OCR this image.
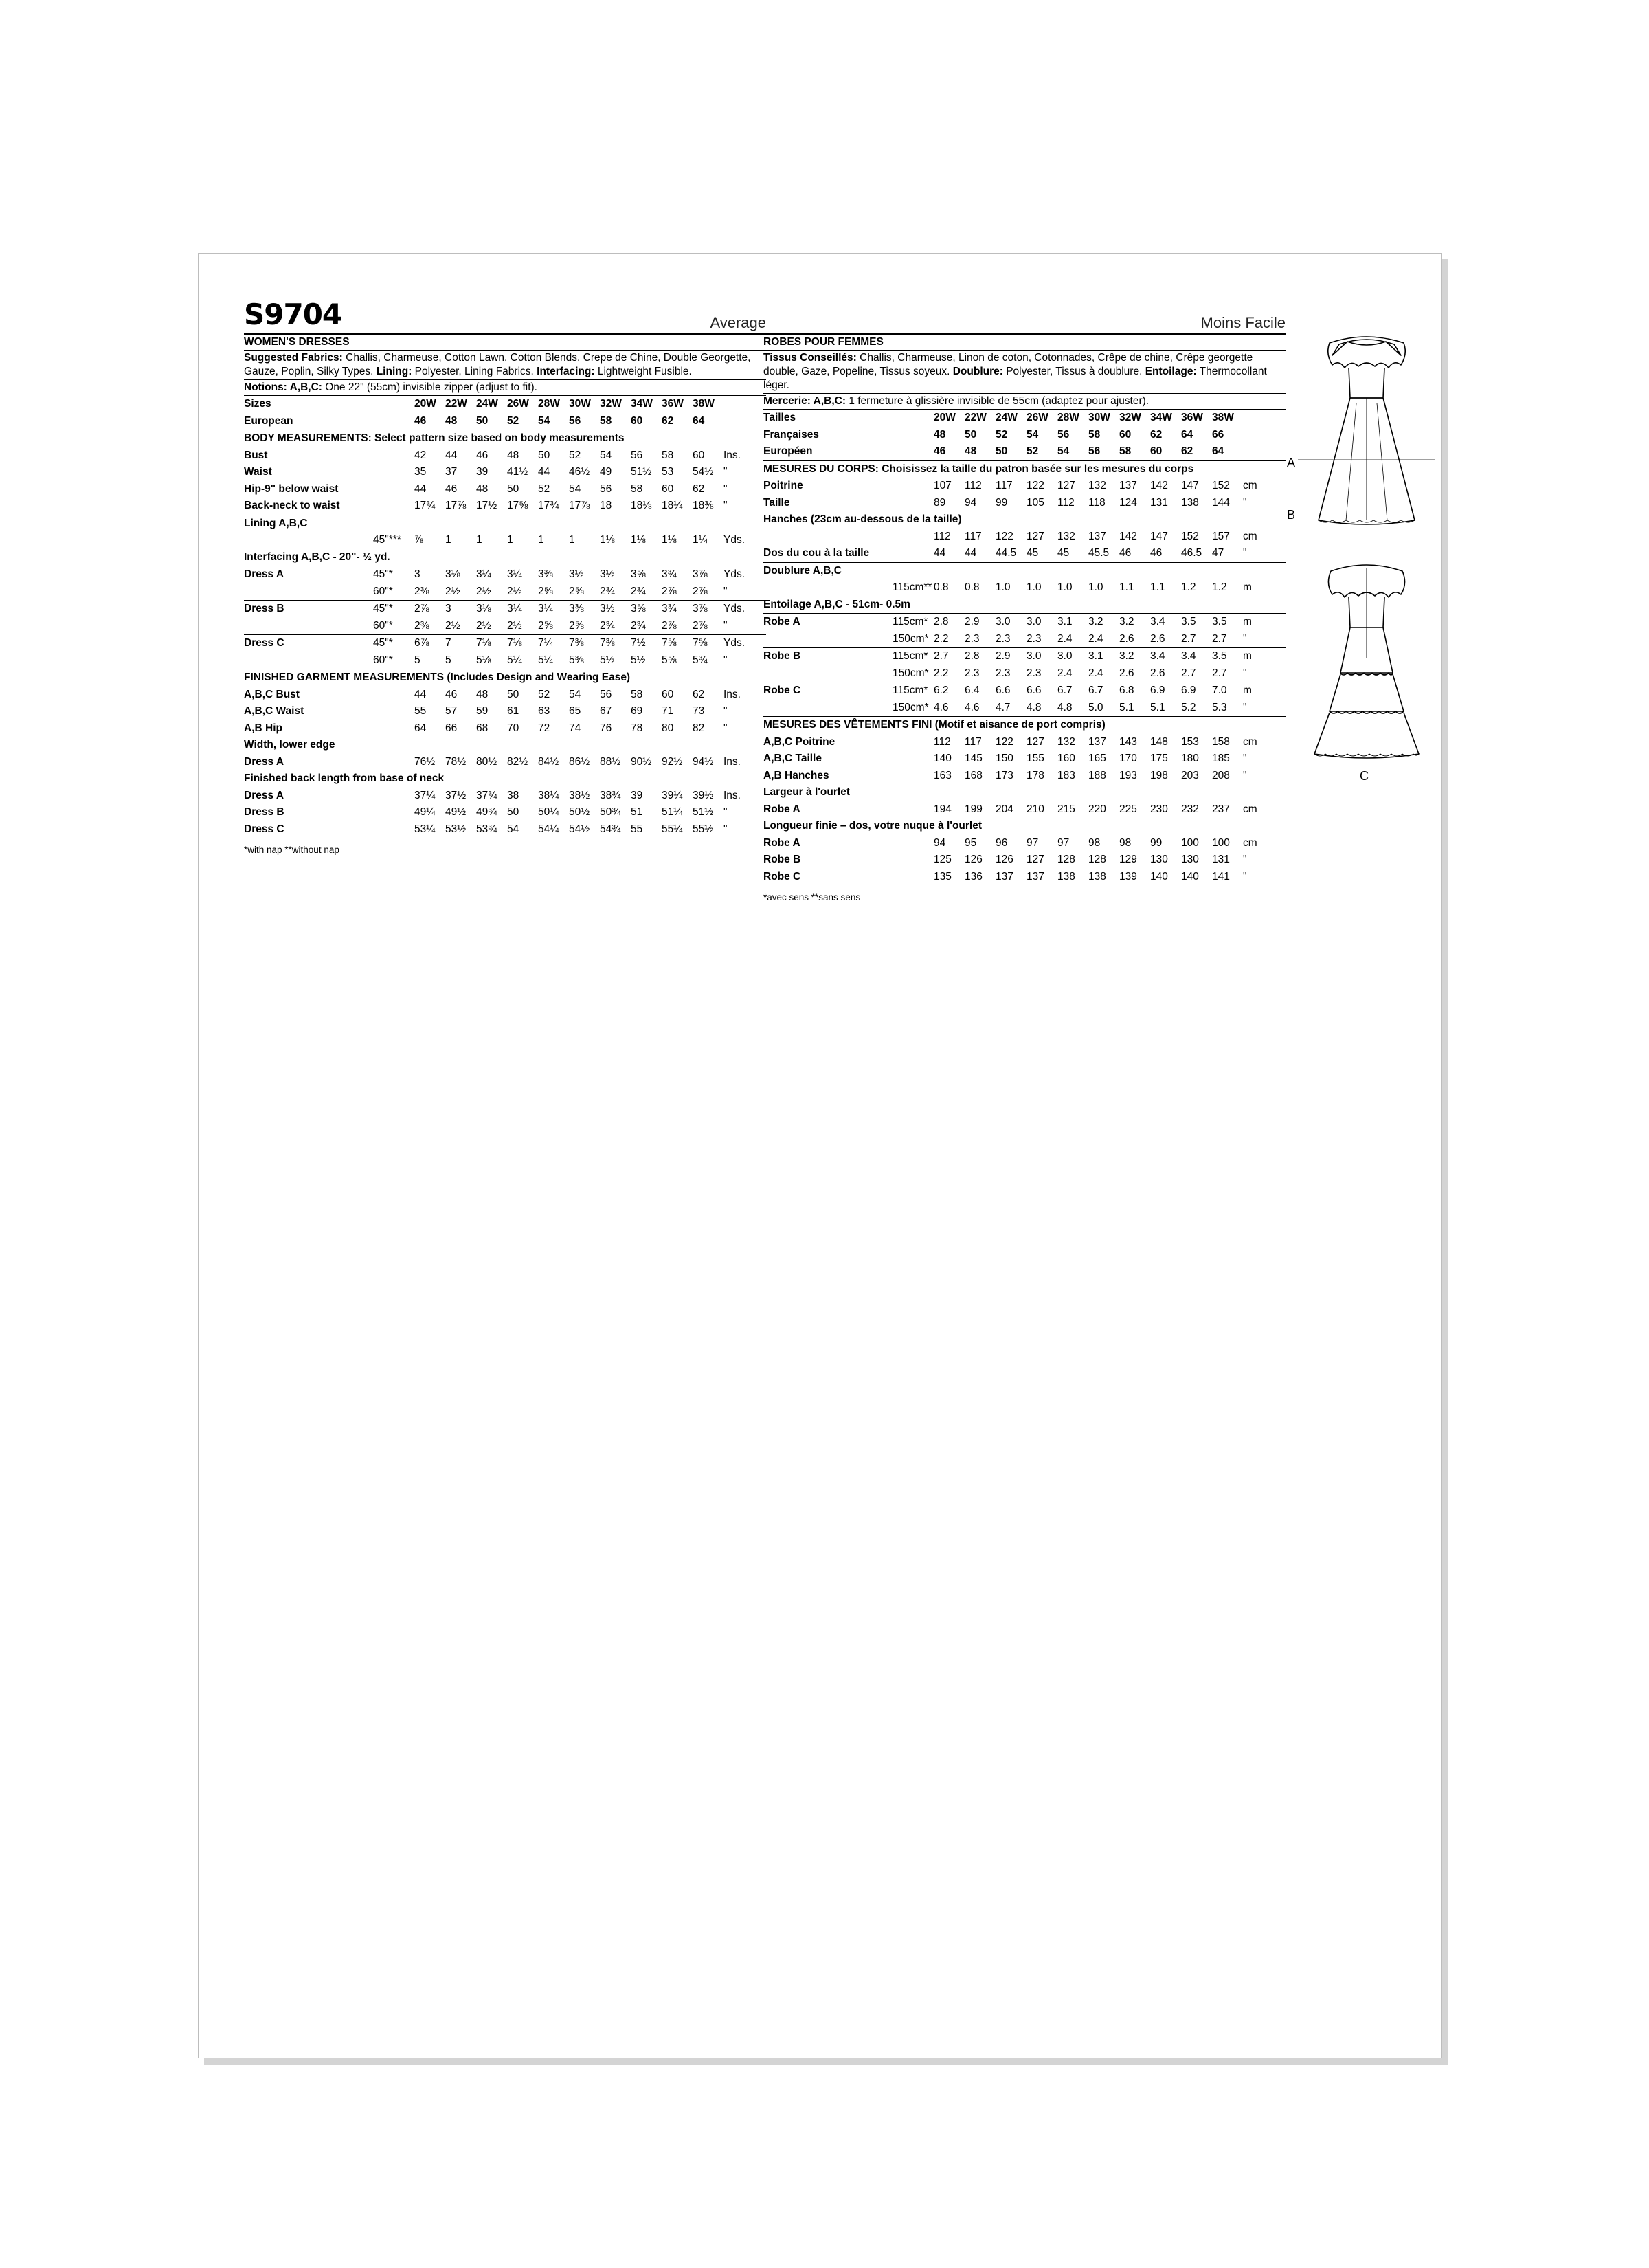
S9704	Average
WOMEN'S DRESSES
Suggested Fabrics: Challis, Charmeuse, Cotton Lawn, Cotton Blends, Crepe de Chine, Double Georgette, Gauze, Poplin, Silky Types. Lining: Polyester, Lining Fabrics. Interfacing: Lightweight Fusible.
Notions: A,B,C: One 22" (55cm) invisible zipper (adjust to fit).
Sizes		20W	22W	24W	26W	28W	30W	32W	34W	36W	38W	
European		46	48	50	52	54	56	58	60	62	64	
BODY MEASUREMENTS: Select pattern size based on body measurements												
Bust		42	44	46	48	50	52	54	56	58	60	Ins.
Waist		35	37	39	41½	44	46½	49	51½	53	54½	"
Hip-9" below waist		44	46	48	50	52	54	56	58	60	62	"
Back-neck to waist		17¾	17⅞	17½	17⅝	17¾	17⅞	18	18⅛	18¼	18⅜	"
Lining A,B,C												
	45"***	⅞	1	1	1	1	1	1⅛	1⅛	1⅛	1¼	Yds.
Interfacing A,B,C - 20"- ½ yd.												
Dress A	45"*	3	3⅛	3¼	3¼	3⅜	3½	3½	3⅝	3¾	3⅞	Yds.
	60"*	2⅜	2½	2½	2½	2⅝	2⅝	2¾	2¾	2⅞	2⅞	"
Dress B	45"*	2⅞	3	3⅛	3¼	3¼	3⅜	3½	3⅝	3¾	3⅞	Yds.
	60"*	2⅜	2½	2½	2½	2⅝	2⅝	2¾	2¾	2⅞	2⅞	"
Dress C	45"*	6⅞	7	7⅛	7⅛	7¼	7⅜	7⅜	7½	7⅝	7⅝	Yds.
	60"*	5	5	5⅛	5¼	5¼	5⅜	5½	5½	5⅝	5¾	"
FINISHED GARMENT MEASUREMENTS (Includes Design and Wearing Ease)												
A,B,C Bust		44	46	48	50	52	54	56	58	60	62	Ins.
A,B,C Waist		55	57	59	61	63	65	67	69	71	73	"
A,B Hip		64	66	68	70	72	74	76	78	80	82	"
Width, lower edge												
Dress A		76½	78½	80½	82½	84½	86½	88½	90½	92½	94½	Ins.
Finished back length from base of neck												
Dress A		37¼	37½	37¾	38	38¼	38½	38¾	39	39¼	39½	Ins.
Dress B		49¼	49½	49¾	50	50¼	50½	50¾	51	51¼	51½	"
Dress C		53¼	53½	53¾	54	54¼	54½	54¾	55	55¼	55½	"
*with nap **without nap
Moins Facile
ROBES POUR FEMMES
Tissus Conseillés: Challis, Charmeuse, Linon de coton, Cotonnades, Crêpe de chine, Crêpe georgette double, Gaze, Popeline, Tissus soyeux. Doublure: Polyester, Tissus à doublure. Entoilage: Thermocollant léger.
Mercerie: A,B,C: 1 fermeture à glissière invisible de 55cm (adaptez pour ajuster).
Tailles		20W	22W	24W	26W	28W	30W	32W	34W	36W	38W	
Françaises		48	50	52	54	56	58	60	62	64	66	
Européen		46	48	50	52	54	56	58	60	62	64	
MESURES DU CORPS: Choisissez la taille du patron basée sur les mesures du corps												
Poitrine		107	112	117	122	127	132	137	142	147	152	cm
Taille		89	94	99	105	112	118	124	131	138	144	"
Hanches (23cm au-dessous de la taille)												
		112	117	122	127	132	137	142	147	152	157	cm
Dos du cou à la taille		44	44	44.5	45	45	45.5	46	46	46.5	47	"
Doublure A,B,C												
	115cm**	0.8	0.8	1.0	1.0	1.0	1.0	1.1	1.1	1.2	1.2	m
Entoilage A,B,C - 51cm- 0.5m												
Robe A	115cm*	2.8	2.9	3.0	3.0	3.1	3.2	3.2	3.4	3.5	3.5	m
	150cm*	2.2	2.3	2.3	2.3	2.4	2.4	2.6	2.6	2.7	2.7	"
Robe B	115cm*	2.7	2.8	2.9	3.0	3.0	3.1	3.2	3.4	3.4	3.5	m
	150cm*	2.2	2.3	2.3	2.3	2.4	2.4	2.6	2.6	2.7	2.7	"
Robe C	115cm*	6.2	6.4	6.6	6.6	6.7	6.7	6.8	6.9	6.9	7.0	m
	150cm*	4.6	4.6	4.7	4.8	4.8	5.0	5.1	5.1	5.2	5.3	"
MESURES DES VÊTEMENTS FINI (Motif et aisance de port compris)												
A,B,C Poitrine		112	117	122	127	132	137	143	148	153	158	cm
A,B,C Taille		140	145	150	155	160	165	170	175	180	185	"
A,B Hanches		163	168	173	178	183	188	193	198	203	208	"
Largeur à l'ourlet												
Robe A		194	199	204	210	215	220	225	230	232	237	cm
Longueur finie – dos, votre nuque à l'ourlet												
Robe A		94	95	96	97	97	98	98	99	100	100	cm
Robe B		125	126	126	127	128	128	129	130	130	131	"
Robe C		135	136	137	137	138	138	139	140	140	141	"
*avec sens **sans sens
A
B
C
